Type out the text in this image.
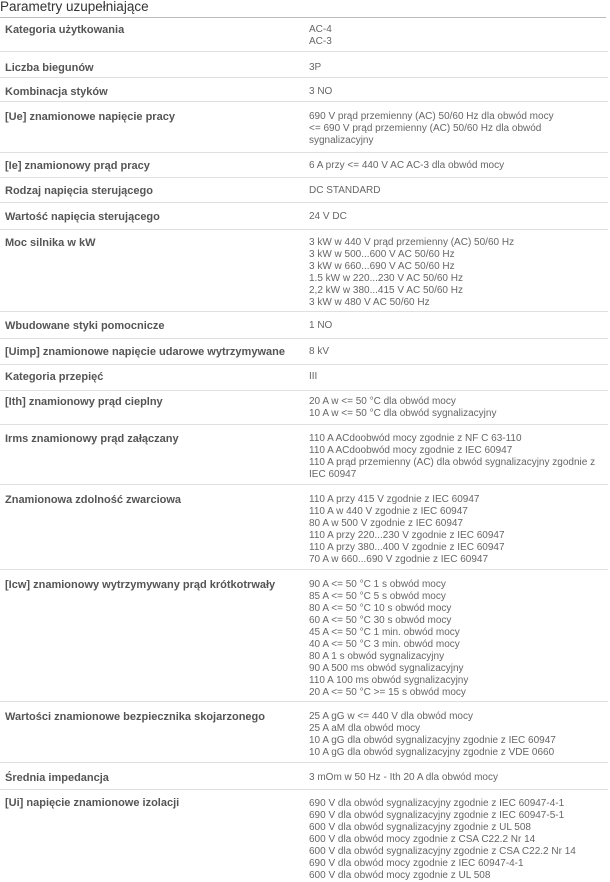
Parametry uzupełniające
Kategoria użytkowania	AC-4
AC-3
Liczba biegunów	3P
Kombinacja styków	3 NO
[Ue] znamionowe napięcie pracy	690 V prąd przemienny (AC) 50/60 Hz dla obwód mocy
<= 690 V prąd przemienny (AC) 50/60 Hz dla obwód sygnalizacyjny
[Ie] znamionowy prąd pracy	6 A przy <= 440 V AC AC-3 dla obwód mocy
Rodzaj napięcia sterującego	DC STANDARD
Wartość napięcia sterującego	24 V DC
Moc silnika w kW	3 kW w 440 V prąd przemienny (AC) 50/60 Hz
3 kW w 500...600 V AC 50/60 Hz
3 kW w 660...690 V AC 50/60 Hz
1.5 kW w 220...230 V AC 50/60 Hz
2,2 kW w 380...415 V AC 50/60 Hz
3 kW w 480 V AC 50/60 Hz
Wbudowane styki pomocnicze	1 NO
[Uimp] znamionowe napięcie udarowe wytrzymywane	8 kV
Kategoria przepięć	III
[Ith] znamionowy prąd cieplny	20 A w <= 50 °C dla obwód mocy
10 A w <= 50 °C dla obwód sygnalizacyjny
Irms znamionowy prąd załączany	110 A ACdoobwód mocy zgodnie z NF C 63-110
110 A ACdoobwód mocy zgodnie z IEC 60947
110 A prąd przemienny (AC) dla obwód sygnalizacyjny zgodnie z IEC 60947
Znamionowa zdolność zwarciowa	110 A przy 415 V zgodnie z IEC 60947
110 A w 440 V zgodnie z IEC 60947
80 A w 500 V zgodnie z IEC 60947
110 A przy 220...230 V zgodnie z IEC 60947
110 A przy 380...400 V zgodnie z IEC 60947
70 A w 660...690 V zgodnie z IEC 60947
[Icw] znamionowy wytrzymywany prąd krótkotrwały	90 A <= 50 °C 1 s obwód mocy
85 A <= 50 °C 5 s obwód mocy
80 A <= 50 °C 10 s obwód mocy
60 A <= 50 °C 30 s obwód mocy
45 A <= 50 °C 1 min. obwód mocy
40 A <= 50 °C 3 min. obwód mocy
80 A 1 s obwód sygnalizacyjny
90 A 500 ms obwód sygnalizacyjny
110 A 100 ms obwód sygnalizacyjny
20 A <= 50 °C >= 15 s obwód mocy
Wartości znamionowe bezpiecznika skojarzonego	25 A gG w <= 440 V dla obwód mocy
25 A aM dla obwód mocy
10 A gG dla obwód sygnalizacyjny zgodnie z IEC 60947
10 A gG dla obwód sygnalizacyjny zgodnie z VDE 0660
Średnia impedancja	3 mOm w 50 Hz - Ith 20 A dla obwód mocy
[Ui] napięcie znamionowe izolacji	690 V dla obwód sygnalizacyjny zgodnie z IEC 60947-4-1
690 V dla obwód sygnalizacyjny zgodnie z IEC 60947-5-1
600 V dla obwód sygnalizacyjny zgodnie z UL 508
600 V dla obwód mocy zgodnie z CSA C22.2 Nr 14
600 V dla obwód sygnalizacyjny zgodnie z CSA C22.2 Nr 14
690 V dla obwód mocy zgodnie z IEC 60947-4-1
600 V dla obwód mocy zgodnie z UL 508
